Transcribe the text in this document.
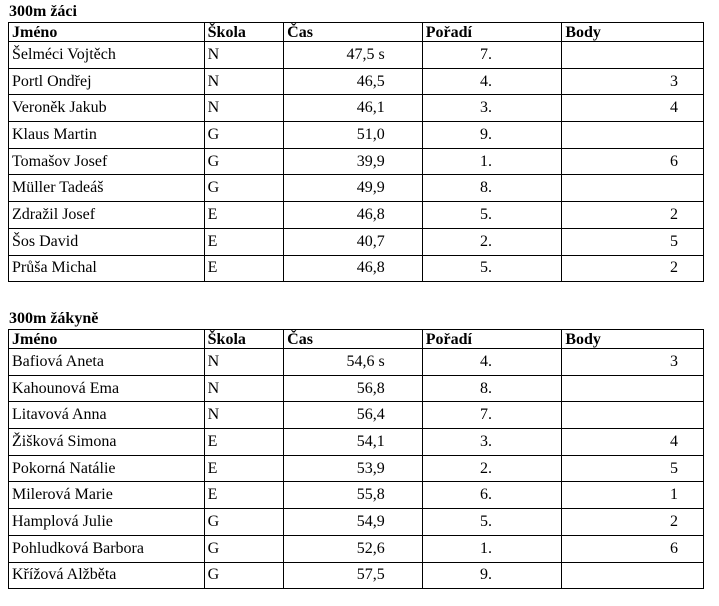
300m žáci
Jméno	Škola	Čas	Pořadí	Body
Šelméci Vojtěch	N	47,5 s	7.	
Portl Ondřej	N	46,5	4.	3
Veroněk Jakub	N	46,1	3.	4
Klaus Martin	G	51,0	9.	
Tomašov Josef	G	39,9	1.	6
Müller Tadeáš	G	49,9	8.	
Zdražil Josef	E	46,8	5.	2
Šos David	E	40,7	2.	5
Průša Michal	E	46,8	5.	2
300m žákyně
Jméno	Škola	Čas	Pořadí	Body
Bafiová Aneta	N	54,6 s	4.	3
Kahounová Ema	N	56,8	8.	
Litavová Anna	N	56,4	7.	
Žišková Simona	E	54,1	3.	4
Pokorná Natálie	E	53,9	2.	5
Milerová Marie	E	55,8	6.	1
Hamplová Julie	G	54,9	5.	2
Pohludková Barbora	G	52,6	1.	6
Křížová Alžběta	G	57,5	9.	
